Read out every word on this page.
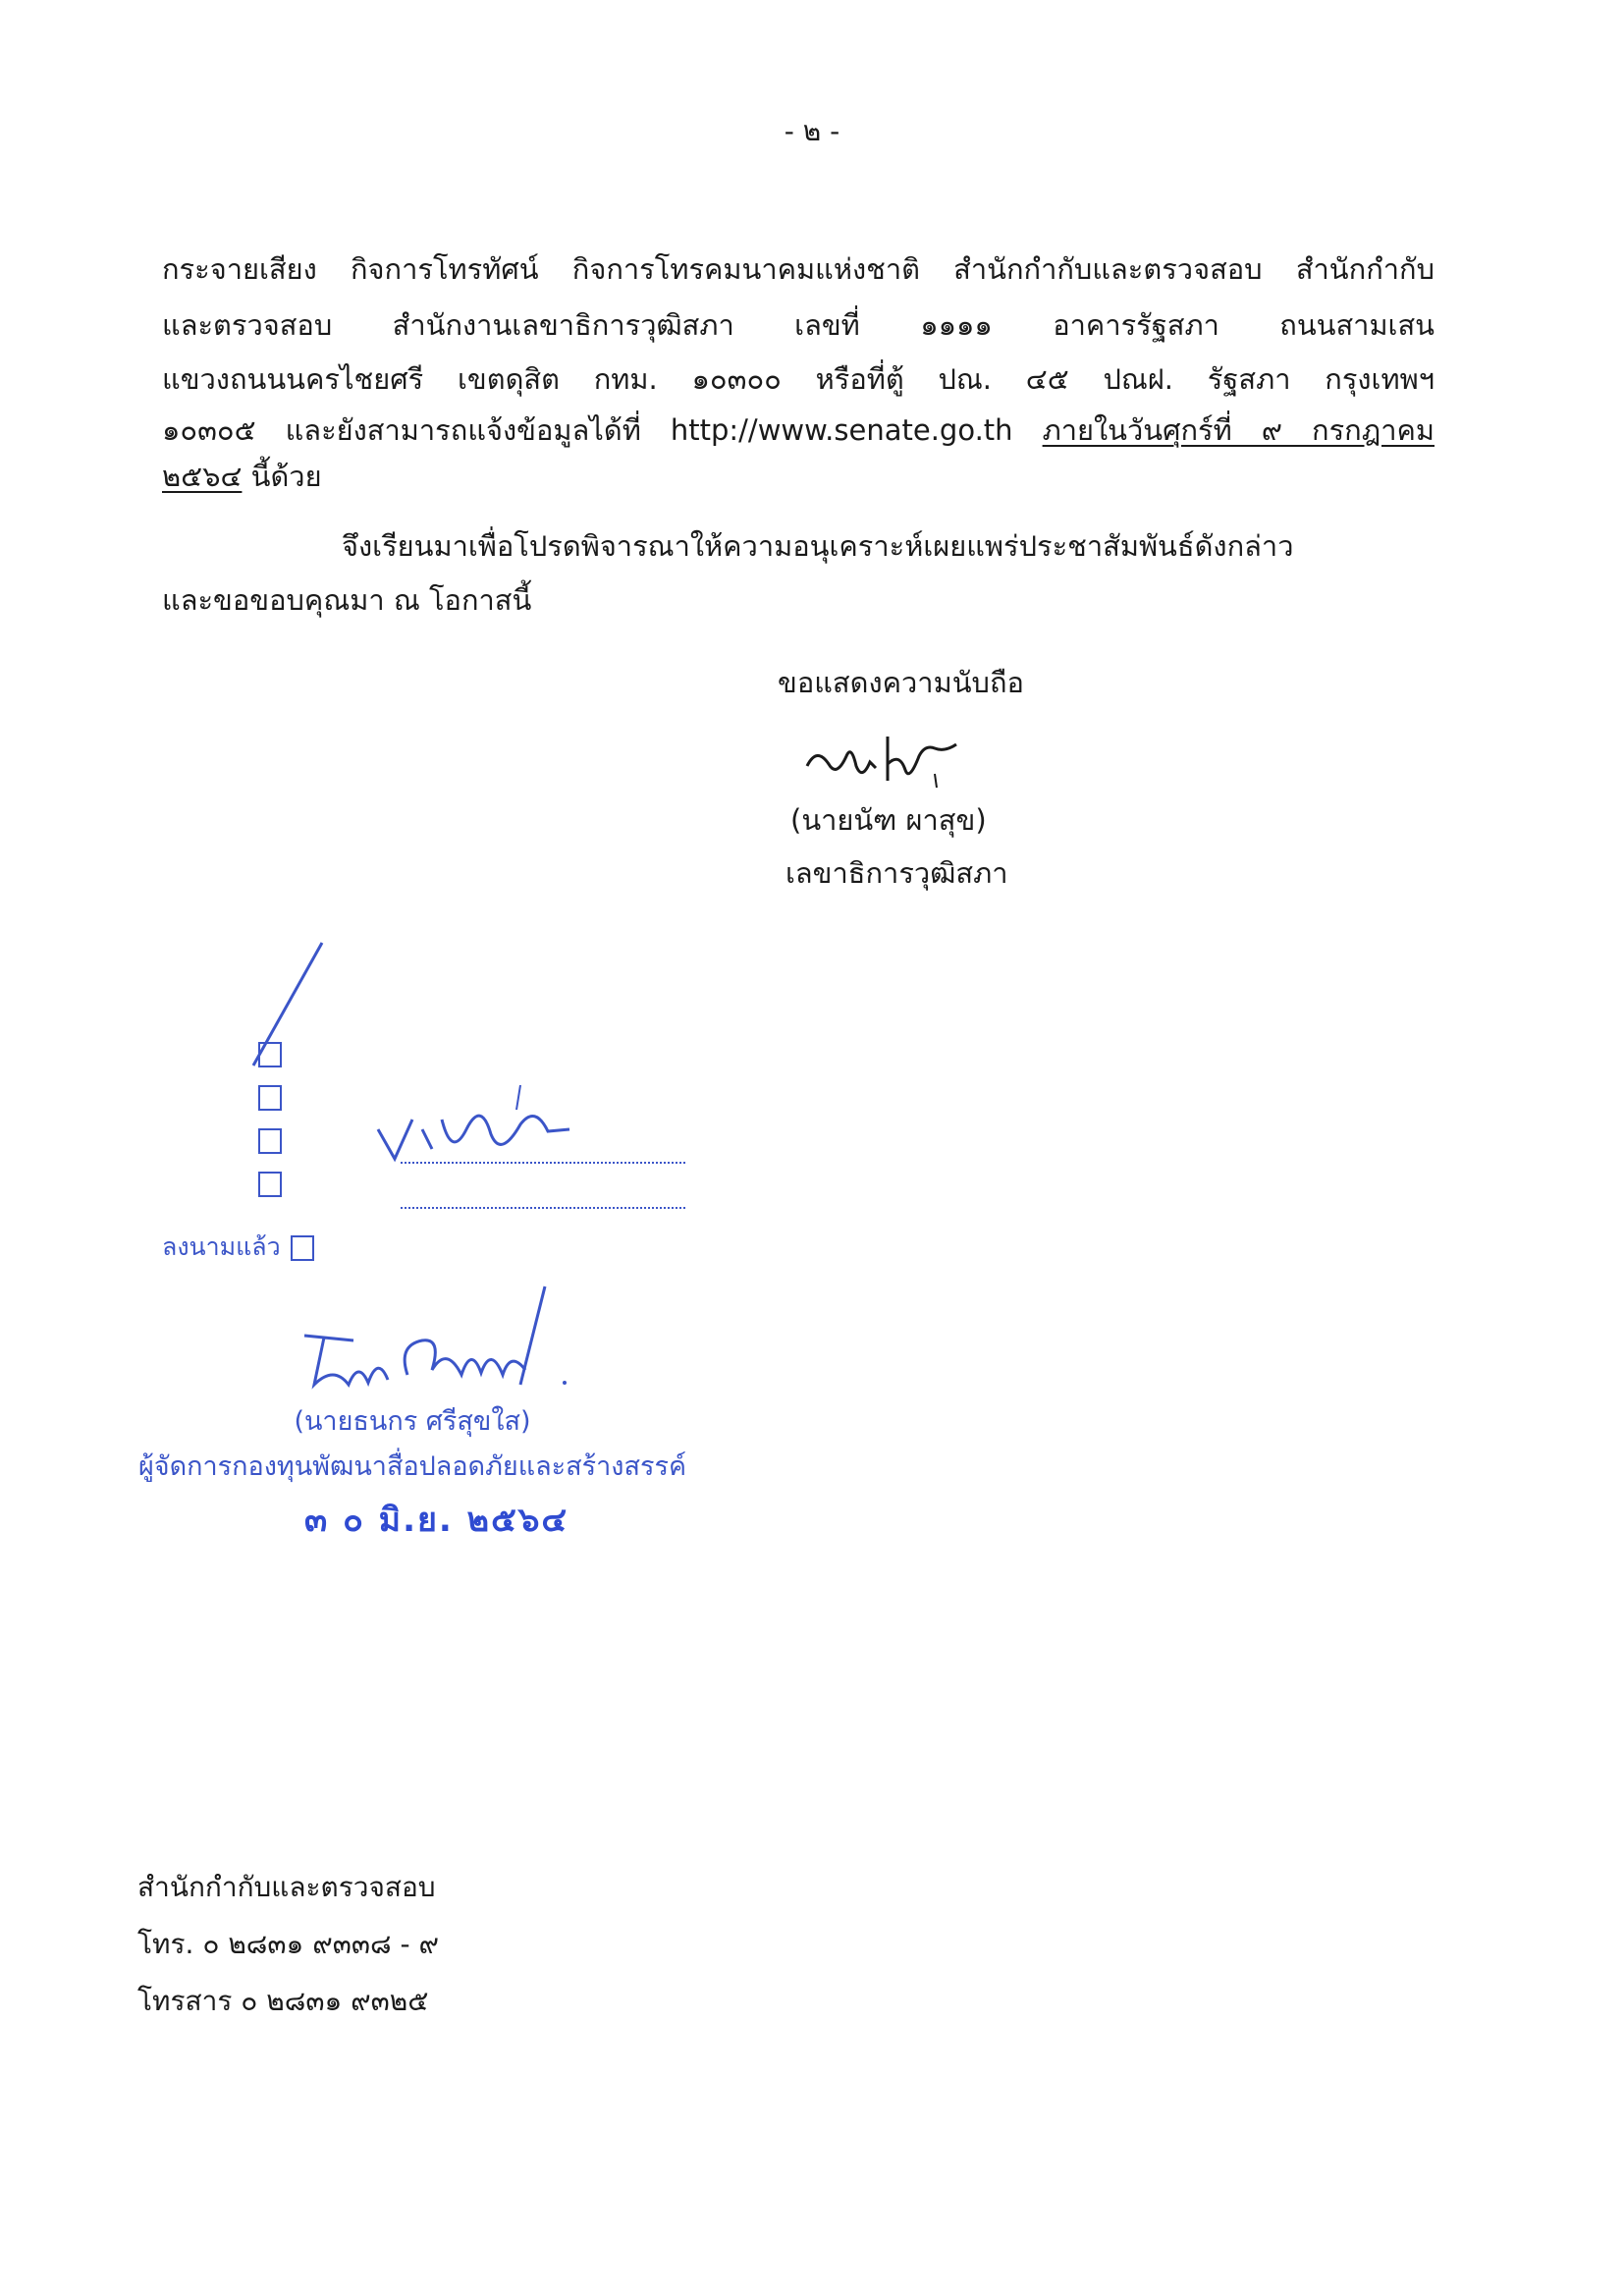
- ๒ -
กระจายเสียง กิจการโทรทัศน์ กิจการโทรคมนาคมแห่งชาติ สำนักกำกับและตรวจสอบ สำนักกำกับ
และตรวจสอบ สำนักงานเลขาธิการวุฒิสภา เลขที่ ๑๑๑๑ อาคารรัฐสภา ถนนสามเสน
แขวงถนนนครไชยศรี เขตดุสิต กทม. ๑๐๓๐๐ หรือที่ตู้ ปณ. ๔๕ ปณฝ. รัฐสภา กรุงเทพฯ
๑๐๓๐๕ และยังสามารถแจ้งข้อมูลได้ที่ http://www.senate.go.th ภายในวันศุกร์ที่ ๙ กรกฎาคม
๒๕๖๔ นี้ด้วย
จึงเรียนมาเพื่อโปรดพิจารณาให้ความอนุเคราะห์เผยแพร่ประชาสัมพันธ์ดังกล่าว
และขอขอบคุณมา ณ โอกาสนี้
ขอแสดงความนับถือ
(นายนัฑ ผาสุข)
เลขาธิการวุฒิสภา

ลงนามแล้ว
(นายธนกร ศรีสุขใส)
ผู้จัดการกองทุนพัฒนาสื่อปลอดภัยและสร้างสรรค์
๓ ๐ มิ.ย. ๒๕๖๔
สำนักกำกับและตรวจสอบ
โทร. ๐ ๒๘๓๑ ๙๓๓๘ - ๙
โทรสาร ๐ ๒๘๓๑ ๙๓๒๕
